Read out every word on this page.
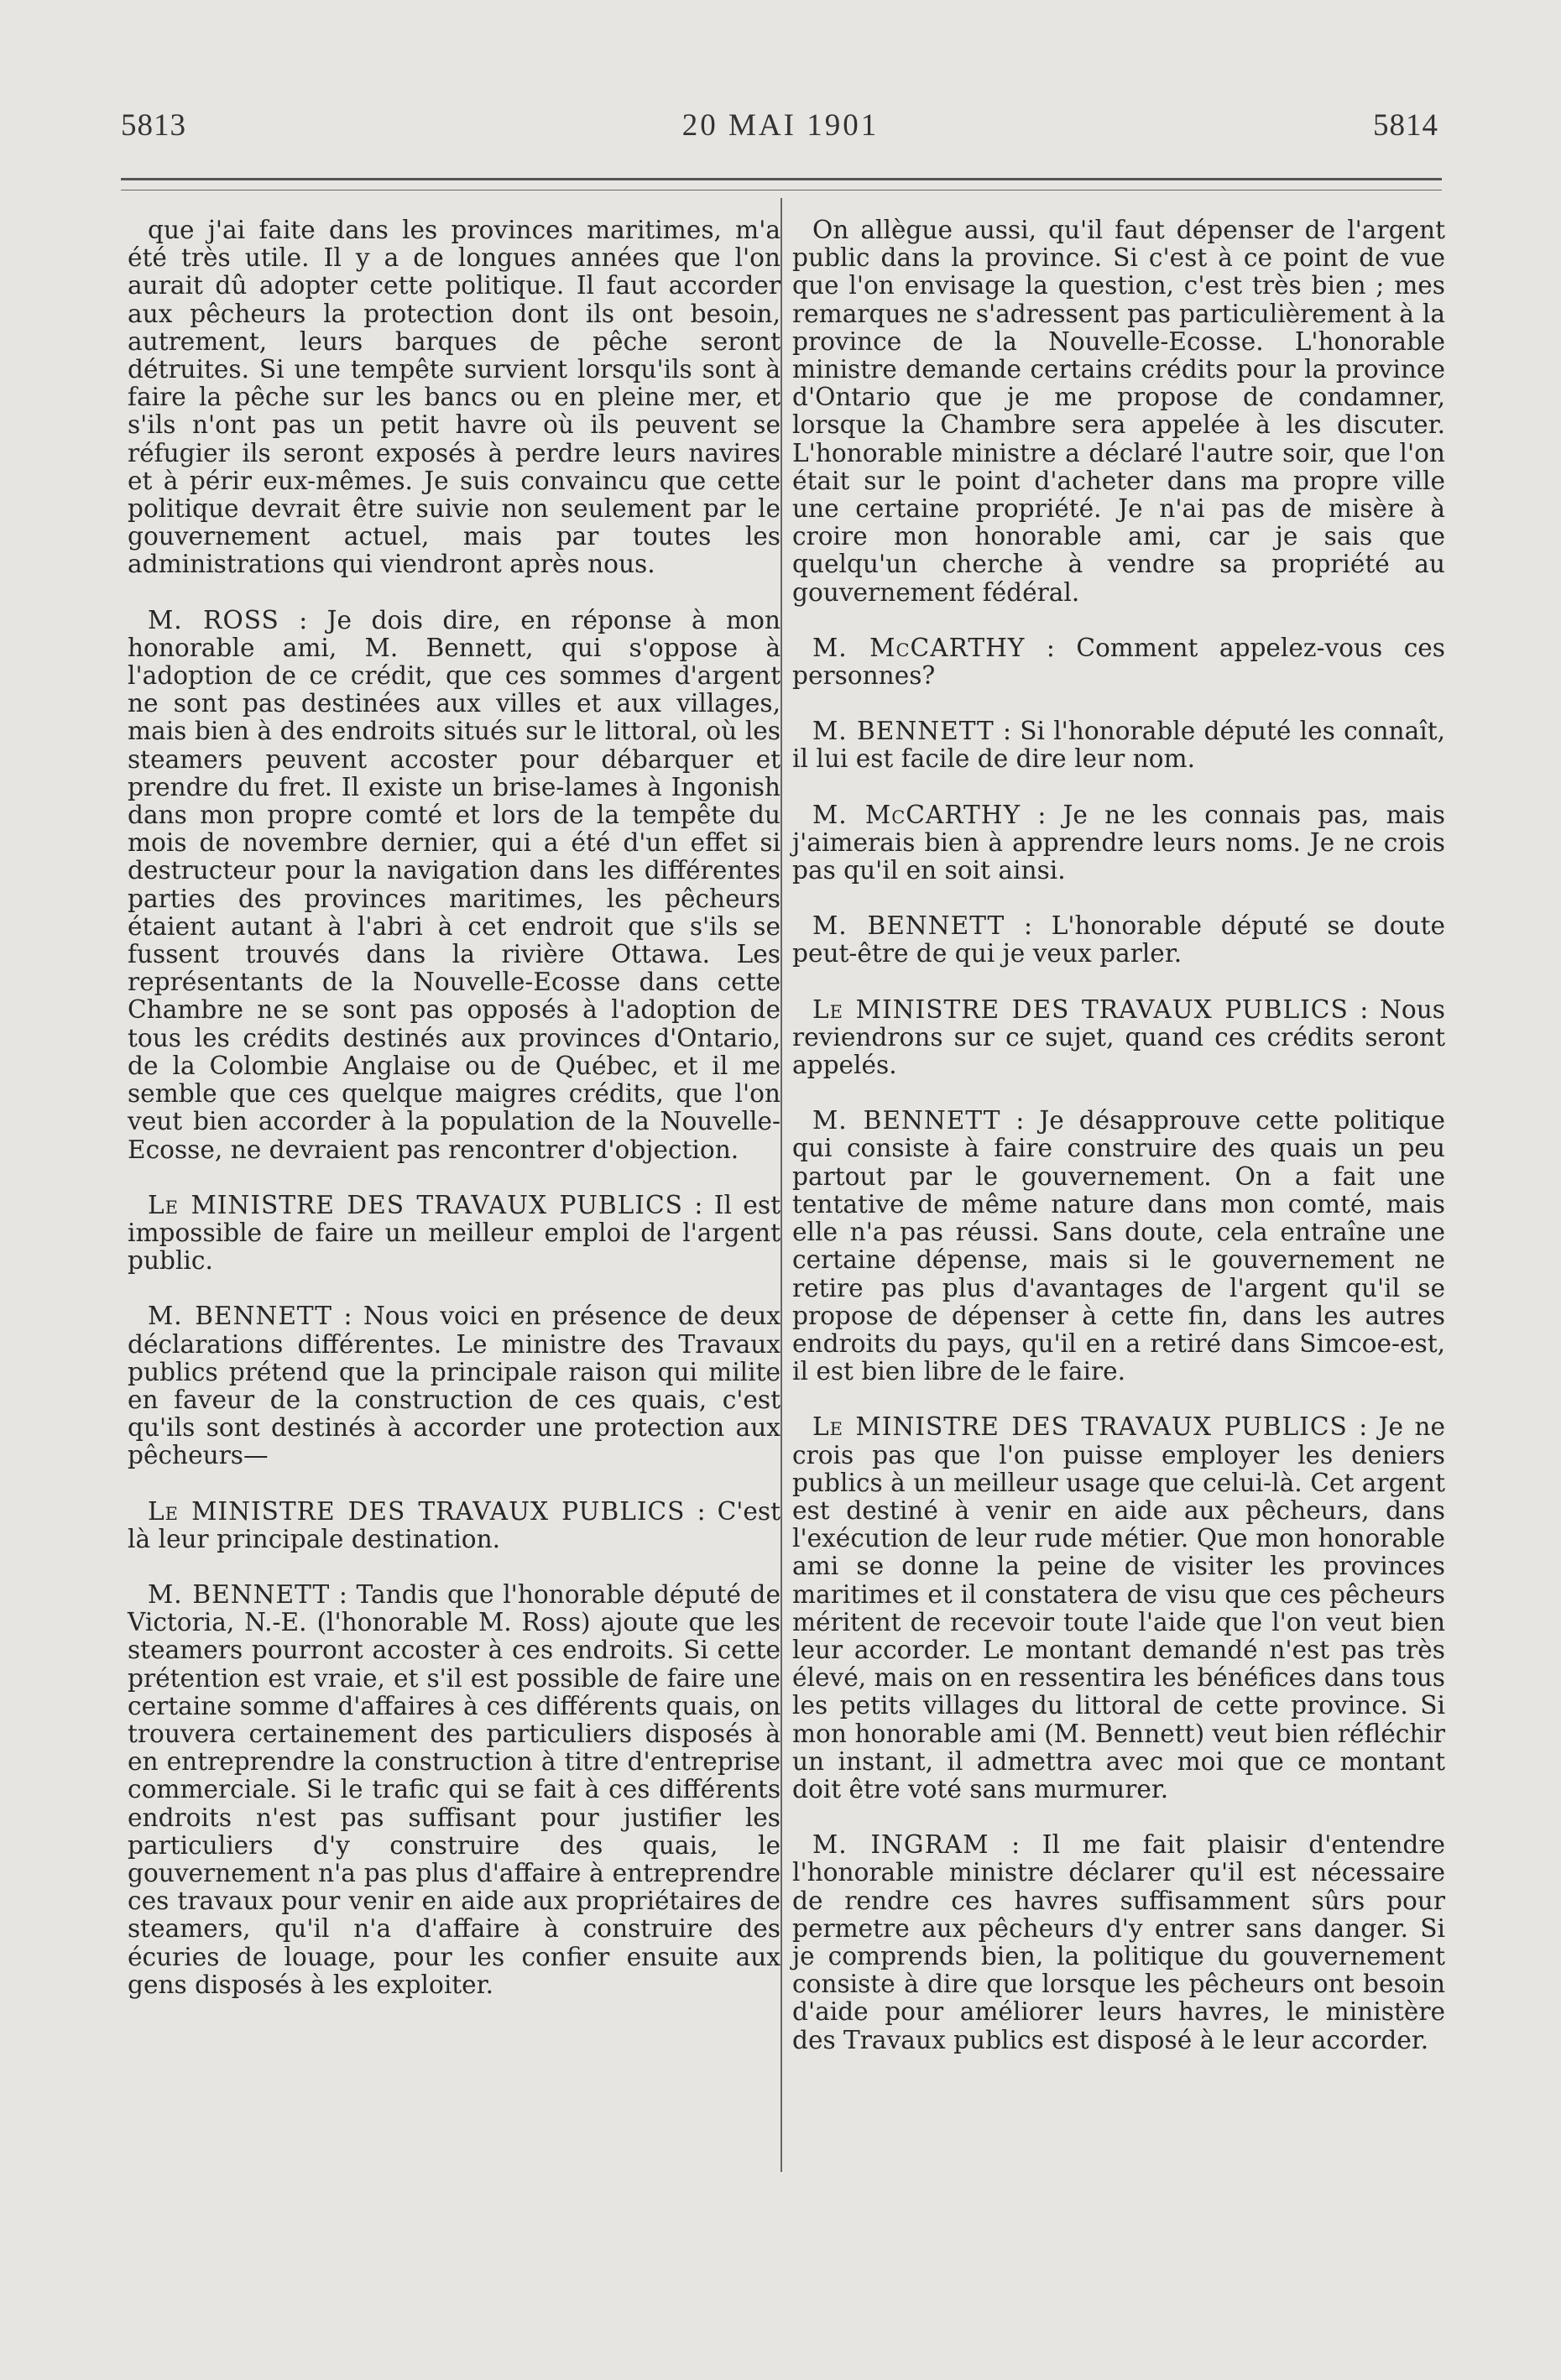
5813	20 MAI 1901	5814

que j'ai faite dans les provinces maritimes, m'a été très utile. Il y a de longues années que l'on aurait dû adopter cette politique. Il faut accorder aux pêcheurs la protection dont ils ont besoin, autrement, leurs barques de pêche seront détruites. Si une tempête survient lorsqu'ils sont à faire la pêche sur les bancs ou en pleine mer, et s'ils n'ont pas un petit havre où ils peuvent se réfugier ils seront exposés à perdre leurs navires et à périr eux-mêmes. Je suis convaincu que cette politique devrait être suivie non seulement par le gouvernement actuel, mais par toutes les administrations qui viendront après nous.

M. ROSS : Je dois dire, en réponse à mon honorable ami, M. Bennett, qui s'oppose à l'adoption de ce crédit, que ces sommes d'argent ne sont pas destinées aux villes et aux villages, mais bien à des endroits situés sur le littoral, où les steamers peuvent accoster pour débarquer et prendre du fret. Il existe un brise-lames à Ingonish dans mon propre comté et lors de la tempête du mois de novembre dernier, qui a été d'un effet si destructeur pour la navigation dans les différentes parties des provinces maritimes, les pêcheurs étaient autant à l'abri à cet endroit que s'ils se fussent trouvés dans la rivière Ottawa. Les représentants de la Nouvelle-Ecosse dans cette Chambre ne se sont pas opposés à l'adoption de tous les crédits destinés aux provinces d'Ontario, de la Colombie Anglaise ou de Québec, et il me semble que ces quelque maigres crédits, que l'on veut bien accorder à la population de la Nouvelle-Ecosse, ne devraient pas rencontrer d'objection.

Le MINISTRE DES TRAVAUX PUBLICS : Il est impossible de faire un meilleur emploi de l'argent public.

M. BENNETT : Nous voici en présence de deux déclarations différentes. Le ministre des Travaux publics prétend que la principale raison qui milite en faveur de la construction de ces quais, c'est qu'ils sont destinés à accorder une protection aux pêcheurs—

Le MINISTRE DES TRAVAUX PUBLICS : C'est là leur principale destination.

M. BENNETT : Tandis que l'honorable député de Victoria, N.-E. (l'honorable M. Ross) ajoute que les steamers pourront accoster à ces endroits. Si cette prétention est vraie, et s'il est possible de faire une certaine somme d'affaires à ces différents quais, on trouvera certainement des particuliers disposés à en entreprendre la construction à titre d'entreprise commerciale. Si le trafic qui se fait à ces différents endroits n'est pas suffisant pour justifier les particuliers d'y construire des quais, le gouvernement n'a pas plus d'affaire à entreprendre ces travaux pour venir en aide aux propriétaires de steamers, qu'il n'a d'affaire à construire des écuries de louage, pour les confier ensuite aux gens disposés à les exploiter.

On allègue aussi, qu'il faut dépenser de l'argent public dans la province. Si c'est à ce point de vue que l'on envisage la question, c'est très bien ; mes remarques ne s'adressent pas particulièrement à la province de la Nouvelle-Ecosse. L'honorable ministre demande certains crédits pour la province d'Ontario que je me propose de condamner, lorsque la Chambre sera appelée à les discuter. L'honorable ministre a déclaré l'autre soir, que l'on était sur le point d'acheter dans ma propre ville une certaine propriété. Je n'ai pas de misère à croire mon honorable ami, car je sais que quelqu'un cherche à vendre sa propriété au gouvernement fédéral.

M. McCARTHY : Comment appelez-vous ces personnes?

M. BENNETT : Si l'honorable député les connaît, il lui est facile de dire leur nom.

M. McCARTHY : Je ne les connais pas, mais j'aimerais bien à apprendre leurs noms. Je ne crois pas qu'il en soit ainsi.

M. BENNETT : L'honorable député se doute peut-être de qui je veux parler.

Le MINISTRE DES TRAVAUX PUBLICS : Nous reviendrons sur ce sujet, quand ces crédits seront appelés.

M. BENNETT : Je désapprouve cette politique qui consiste à faire construire des quais un peu partout par le gouvernement. On a fait une tentative de même nature dans mon comté, mais elle n'a pas réussi. Sans doute, cela entraîne une certaine dépense, mais si le gouvernement ne retire pas plus d'avantages de l'argent qu'il se propose de dépenser à cette fin, dans les autres endroits du pays, qu'il en a retiré dans Simcoe-est, il est bien libre de le faire.

Le MINISTRE DES TRAVAUX PUBLICS : Je ne crois pas que l'on puisse employer les deniers publics à un meilleur usage que celui-là. Cet argent est destiné à venir en aide aux pêcheurs, dans l'exécution de leur rude métier. Que mon honorable ami se donne la peine de visiter les provinces maritimes et il constatera de visu que ces pêcheurs méritent de recevoir toute l'aide que l'on veut bien leur accorder. Le montant demandé n'est pas très élevé, mais on en ressentira les bénéfices dans tous les petits villages du littoral de cette province. Si mon honorable ami (M. Bennett) veut bien réfléchir un instant, il admettra avec moi que ce montant doit être voté sans murmurer.

M. INGRAM : Il me fait plaisir d'entendre l'honorable ministre déclarer qu'il est nécessaire de rendre ces havres suffisamment sûrs pour permetre aux pêcheurs d'y entrer sans danger. Si je comprends bien, la politique du gouvernement consiste à dire que lorsque les pêcheurs ont besoin d'aide pour améliorer leurs havres, le ministère des Travaux publics est disposé à le leur accorder.
